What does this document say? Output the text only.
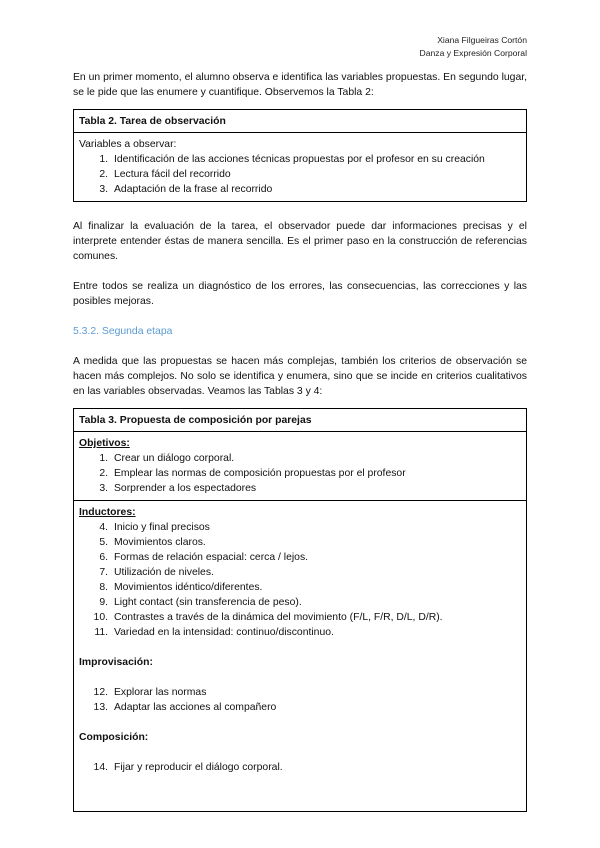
Xiana Filgueiras Cortón
Danza y Expresión Corporal

En un primer momento, el alumno observa e identifica las variables propuestas. En segundo lugar, se le pide que las enumere y cuantifique. Observemos la Tabla 2:

Tabla 2. Tarea de observación
Variables a observar:
1. Identificación de las acciones técnicas propuestas por el profesor en su creación
2. Lectura fácil del recorrido
3. Adaptación de la frase al recorrido

Al finalizar la evaluación de la tarea, el observador puede dar informaciones precisas y el interprete entender éstas de manera sencilla. Es el primer paso en la construcción de referencias comunes.

Entre todos se realiza un diagnóstico de los errores, las consecuencias, las correcciones y las posibles mejoras.

5.3.2. Segunda etapa

A medida que las propuestas se hacen más complejas, también los criterios de observación se hacen más complejos. No solo se identifica y enumera, sino que se incide en criterios cualitativos en las variables observadas. Veamos las Tablas 3 y 4:

Tabla 3. Propuesta de composición por parejas
Objetivos:
1. Crear un diálogo corporal.
2. Emplear las normas de composición propuestas por el profesor
3. Sorprender a los espectadores
Inductores:
4. Inicio y final precisos
5. Movimientos claros.
6. Formas de relación espacial: cerca / lejos.
7. Utilización de niveles.
8. Movimientos idéntico/diferentes.
9. Light contact (sin transferencia de peso).
10. Contrastes a través de la dinámica del movimiento (F/L, F/R, D/L, D/R).
11. Variedad en la intensidad: continuo/discontinuo.
Improvisación:
12. Explorar las normas
13. Adaptar las acciones al compañero
Composición:
14. Fijar y reproducir el diálogo corporal.
